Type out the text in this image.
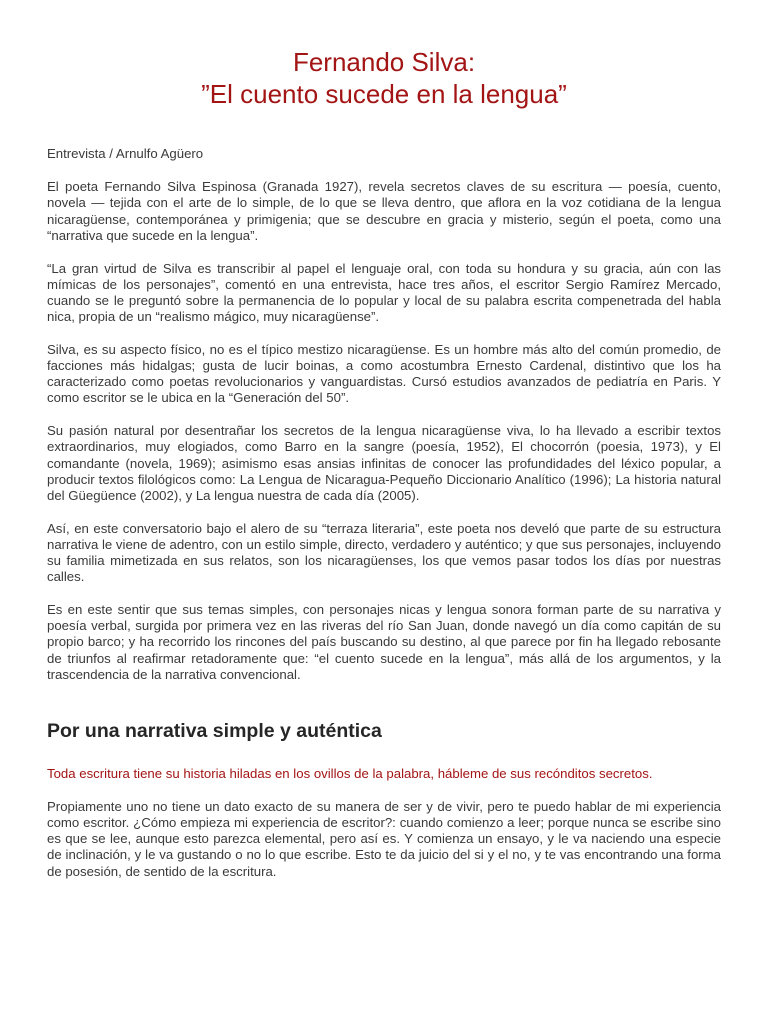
Fernando Silva:
”El cuento sucede en la lengua”

Entrevista / Arnulfo Agüero

El poeta Fernando Silva Espinosa (Granada 1927), revela secretos claves de su escritura — poesía, cuento, novela — tejida con el arte de lo simple, de lo que se lleva dentro, que aflora en la voz cotidiana de la lengua nicaragüense, contemporánea y primigenia; que se descubre en gracia y misterio, según el poeta, como una “narrativa que sucede en la lengua”.

“La gran virtud de Silva es transcribir al papel el lenguaje oral, con toda su hondura y su gracia, aún con las mímicas de los personajes”, comentó en una entrevista, hace tres años, el escritor Sergio Ramírez Mercado, cuando se le preguntó sobre la permanencia de lo popular y local de su palabra escrita compenetrada del habla nica, propia de un “realismo mágico, muy nicaragüense”.

Silva, es su aspecto físico, no es el típico mestizo nicaragüense. Es un hombre más alto del común promedio, de facciones más hidalgas; gusta de lucir boinas, a como acostumbra Ernesto Cardenal, distintivo que los ha caracterizado como poetas revolucionarios y vanguardistas. Cursó estudios avanzados de pediatría en Paris. Y como escritor se le ubica en la “Generación del 50”.

Su pasión natural por desentrañar los secretos de la lengua nicaragüense viva, lo ha llevado a escribir textos extraordinarios, muy elogiados, como Barro en la sangre (poesía, 1952), El chocorrón (poesia, 1973), y El comandante (novela, 1969); asimismo esas ansias infinitas de conocer las profundidades del léxico popular, a producir textos filológicos como: La Lengua de Nicaragua-Pequeño Diccionario Analítico (1996); La historia natural del Güegüence (2002), y La lengua nuestra de cada día (2005).

Así, en este conversatorio bajo el alero de su “terraza literaria”, este poeta nos develó que parte de su estructura narrativa le viene de adentro, con un estilo simple, directo, verdadero y auténtico; y que sus personajes, incluyendo su familia mimetizada en sus relatos, son los nicaragüenses, los que vemos pasar todos los días por nuestras calles.

Es en este sentir que sus temas simples, con personajes nicas y lengua sonora forman parte de su narrativa y poesía verbal, surgida por primera vez en las riveras del río San Juan, donde navegó un día como capitán de su propio barco; y ha recorrido los rincones del país buscando su destino, al que parece por fin ha llegado rebosante de triunfos al reafirmar retadoramente que: “el cuento sucede en la lengua”, más allá de los argumentos, y la trascendencia de la narrativa convencional.

Por una narrativa simple y auténtica

Toda escritura tiene su historia hiladas en los ovillos de la palabra, hábleme de sus recónditos secretos.

Propiamente uno no tiene un dato exacto de su manera de ser y de vivir, pero te puedo hablar de mi experiencia como escritor. ¿Cómo empieza mi experiencia de escritor?: cuando comienzo a leer; porque nunca se escribe sino es que se lee, aunque esto parezca elemental, pero así es. Y comienza un ensayo, y le va naciendo una especie de inclinación, y le va gustando o no lo que escribe. Esto te da juicio del si y el no, y te vas encontrando una forma de posesión, de sentido de la escritura.
